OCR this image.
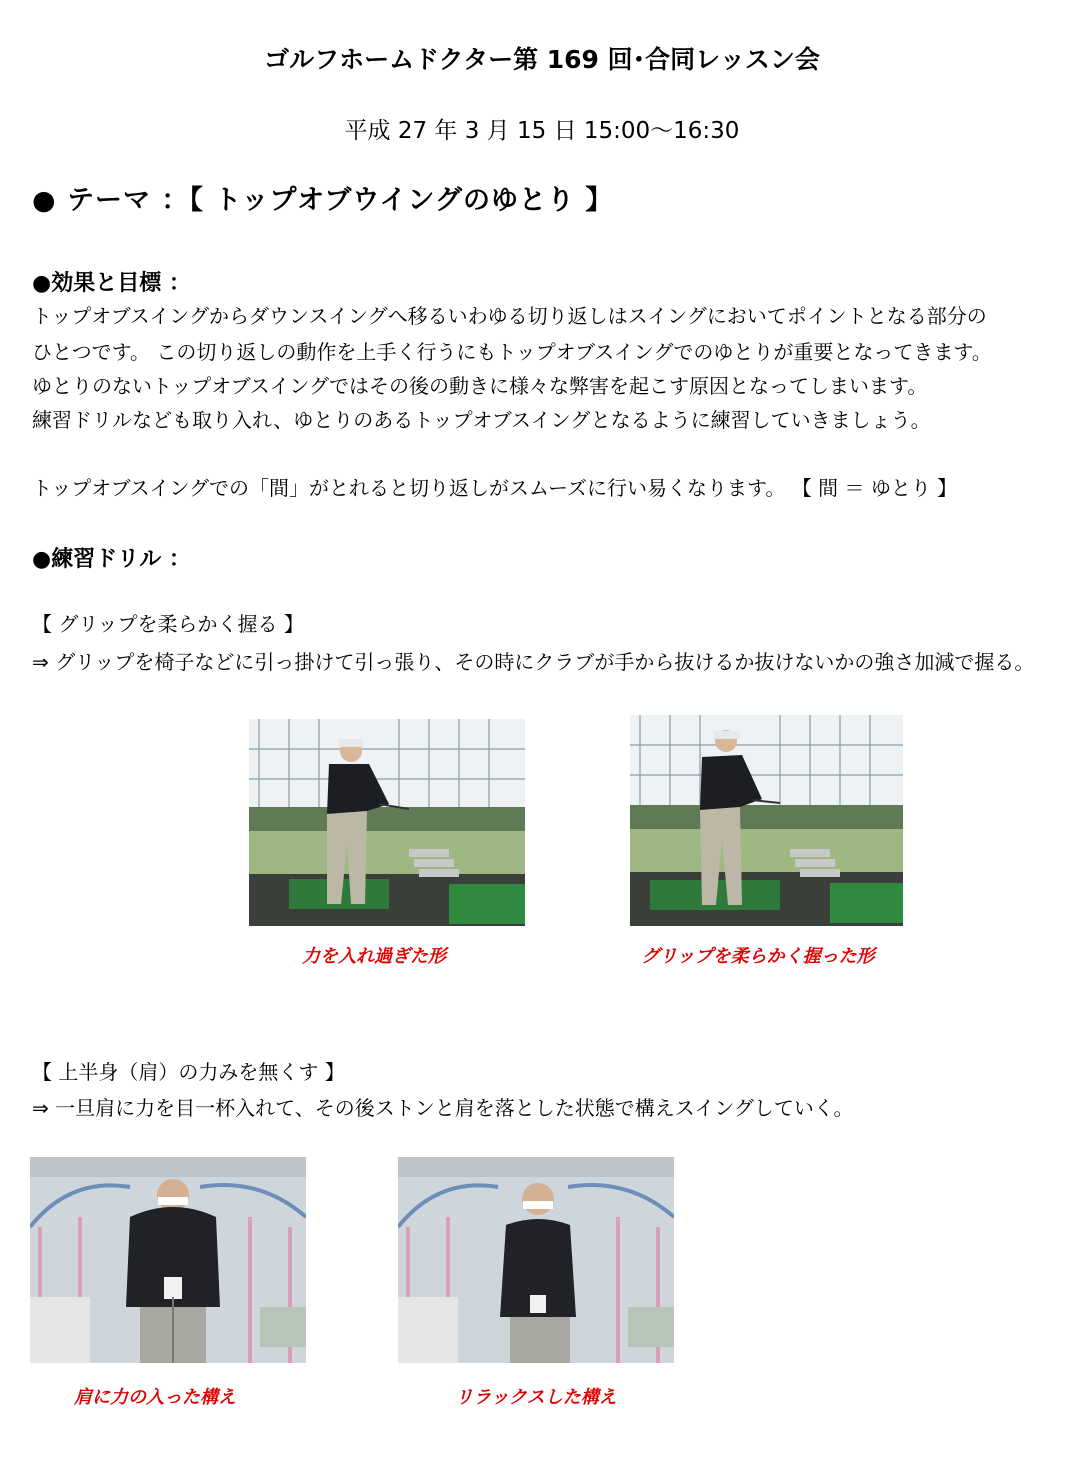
ゴルフホームドクター第 169 回･合同レッスン会
平成 27 年 3 月 15 日 15:00～16:30
● テーマ ：【 トップオブウイングのゆとり 】
●効果と目標 ：
トップオブスイングからダウンスイングへ移るいわゆる切り返しはスイングにおいてポイントとなる部分の
ひとつです。 この切り返しの動作を上手く行うにもトップオブスイングでのゆとりが重要となってきます。
ゆとりのないトップオブスイングではその後の動きに様々な弊害を起こす原因となってしまいます。
練習ドリルなども取り入れ、ゆとりのあるトップオブスイングとなるように練習していきましょう。
トップオブスイングでの「間」がとれると切り返しがスムーズに行い易くなります。 【 間 ＝ ゆとり 】
●練習ドリル ：
【 グリップを柔らかく握る 】
⇒ グリップを椅子などに引っ掛けて引っ張り、その時にクラブが手から抜けるか抜けないかの強さ加減で握る。
力を入れ過ぎた形	グリップを柔らかく握った形
【 上半身（肩）の力みを無くす 】
⇒ 一旦肩に力を目一杯入れて、その後ストンと肩を落とした状態で構えスイングしていく。
肩に力の入った構え	リラックスした構え
